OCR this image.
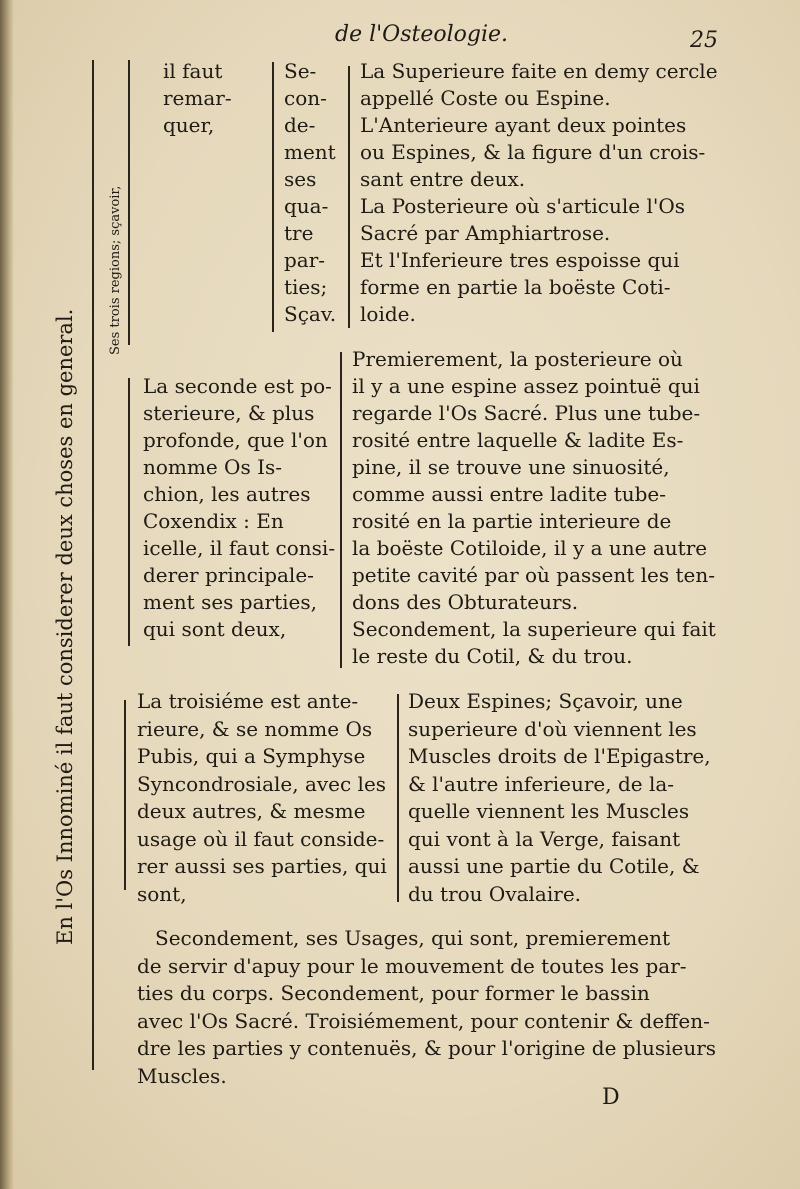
de l'Osteologie.	25
En l'Os Innominé il faut considerer deux choses en general.
Ses trois regions; sçavoir,
il faut
remar-
quer,
Se-
con-
de-
ment
ses
qua-
tre
par-
ties;
Sçav.
La Superieure faite en demy cercle
appellé Coste ou Espine.
L'Anterieure ayant deux pointes
ou Espines, & la figure d'un crois-
sant entre deux.
La Posterieure où s'articule l'Os
Sacré par Amphiartrose.
Et l'Inferieure tres espoisse qui
forme en partie la boëste Coti-
loide.
La seconde est po-
sterieure, & plus
profonde, que l'on
nomme Os Is-
chion, les autres
Coxendix : En
icelle, il faut consi-
derer principale-
ment ses parties,
qui sont deux,
Premierement, la posterieure où
il y a une espine assez pointuë qui
regarde l'Os Sacré. Plus une tube-
rosité entre laquelle & ladite Es-
pine, il se trouve une sinuosité,
comme aussi entre ladite tube-
rosité en la partie interieure de
la boëste Cotiloide, il y a une autre
petite cavité par où passent les ten-
dons des Obturateurs.
Secondement, la superieure qui fait
le reste du Cotil, & du trou.
La troisiéme est ante-
rieure, & se nomme Os
Pubis, qui a Symphyse
Syncondrosiale, avec les
deux autres, & mesme
usage où il faut conside-
rer aussi ses parties, qui
sont,
Deux Espines; Sçavoir, une
superieure d'où viennent les
Muscles droits de l'Epigastre,
& l'autre inferieure, de la-
quelle viennent les Muscles
qui vont à la Verge, faisant
aussi une partie du Cotile, &
du trou Ovalaire.
Secondement, ses Usages, qui sont, premierement
de servir d'apuy pour le mouvement de toutes les par-
ties du corps. Secondement, pour former le bassin
avec l'Os Sacré. Troisiémement, pour contenir & deffen-
dre les parties y contenuës, & pour l'origine de plusieurs
Muscles.
D
